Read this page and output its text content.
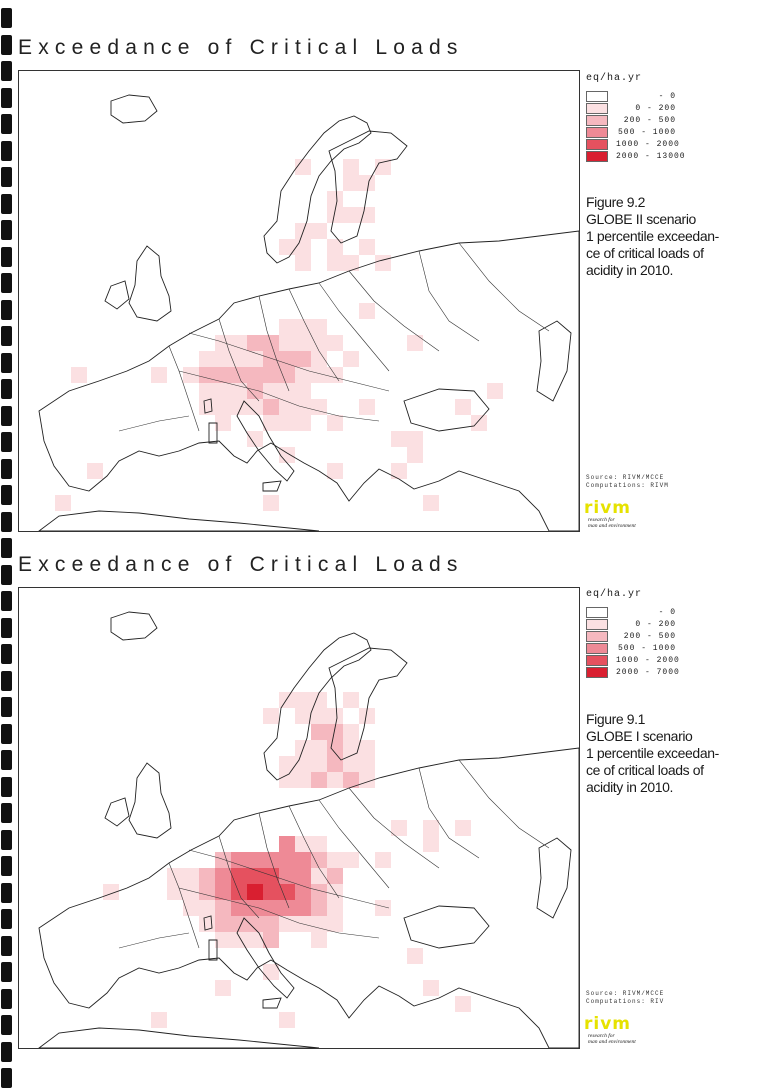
Exceedance of Critical Loads
eq/ha.yr
Figure 9.2
GLOBE II scenario
1 percentile exceedan-
ce of critical loads of
acidity in 2010.
Source: RIVM/MCCE
Computations: RIVM
rivm
research for
man and environment
Exceedance of Critical Loads
eq/ha.yr
Figure 9.1
GLOBE I scenario
1 percentile exceedan-
ce of critical loads of
acidity in 2010.
Source: RIVM/MCCE
Computations: RIV
rivm
research for
man and environment
- 0
0 - 200
200 - 500
500 - 1000
1000 - 2000
2000 - 13000
- 0
0 - 200
200 - 500
500 - 1000
1000 - 2000
2000 - 7000
